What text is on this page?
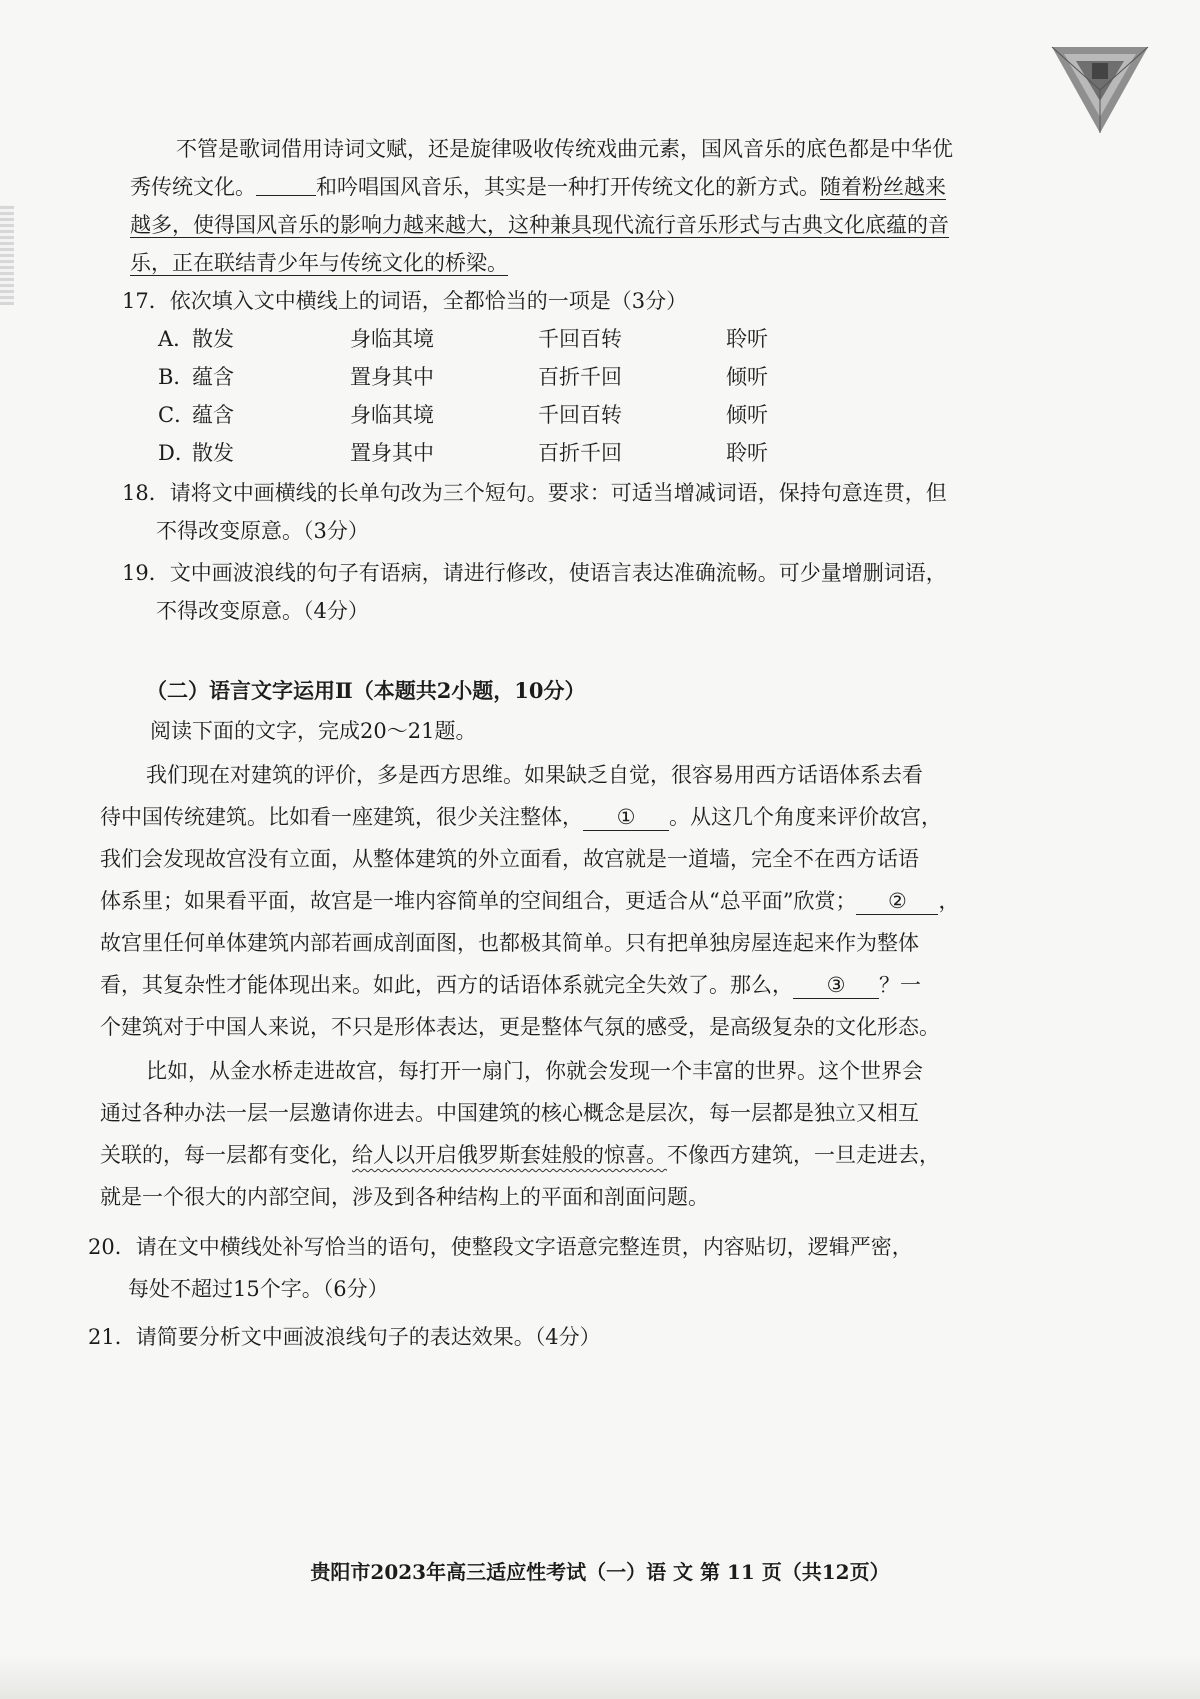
不管是歌词借用诗词文赋，还是旋律吸收传统戏曲元素，国风音乐的底色都是中华优
秀传统文化。	和吟唱国风音乐，其实是一种打开传统文化的新方式。随着粉丝越来
越多，使得国风音乐的影响力越来越大，这种兼具现代流行音乐形式与古典文化底蕴的音
乐，正在联结青少年与传统文化的桥梁。
17．依次填入文中横线上的词语，全都恰当的一项是（3分）
A．
散发	身临其境	千回百转	聆听
B．
蕴含	置身其中	百折千回	倾听
C．
蕴含	身临其境	千回百转	倾听
D．
散发	置身其中	百折千回	聆听
18．请将文中画横线的长单句改为三个短句。要求：可适当增减词语，保持句意连贯，但
不得改变原意。（3分）
19．文中画波浪线的句子有语病，请进行修改，使语言表达准确流畅。可少量增删词语，
不得改变原意。（4分）
（二）语言文字运用Ⅱ（本题共2小题，10分）
阅读下面的文字，完成20～21题。
我们现在对建筑的评价，多是西方思维。如果缺乏自觉，很容易用西方话语体系去看
待中国传统建筑。比如看一座建筑，很少关注整体， ① 。从这几个角度来评价故宫，
我们会发现故宫没有立面，从整体建筑的外立面看，故宫就是一道墙，完全不在西方话语
体系里；如果看平面，故宫是一堆内容简单的空间组合，更适合从“总平面”欣赏； ② ，
故宫里任何单体建筑内部若画成剖面图，也都极其简单。只有把单独房屋连起来作为整体
看，其复杂性才能体现出来。如此，西方的话语体系就完全失效了。那么， ③ ？一
个建筑对于中国人来说，不只是形体表达，更是整体气氛的感受，是高级复杂的文化形态。
比如，从金水桥走进故宫，每打开一扇门，你就会发现一个丰富的世界。这个世界会
通过各种办法一层一层邀请你进去。中国建筑的核心概念是层次，每一层都是独立又相互
关联的，每一层都有变化，给人以开启俄罗斯套娃般的惊喜。不像西方建筑，一旦走进去，
就是一个很大的内部空间，涉及到各种结构上的平面和剖面问题。
20．请在文中横线处补写恰当的语句，使整段文字语意完整连贯，内容贴切，逻辑严密，
每处不超过15个字。（6分）
21．请简要分析文中画波浪线句子的表达效果。（4分）
贵阳市2023年高三适应性考试（一）语 文 第 11 页（共12页）
